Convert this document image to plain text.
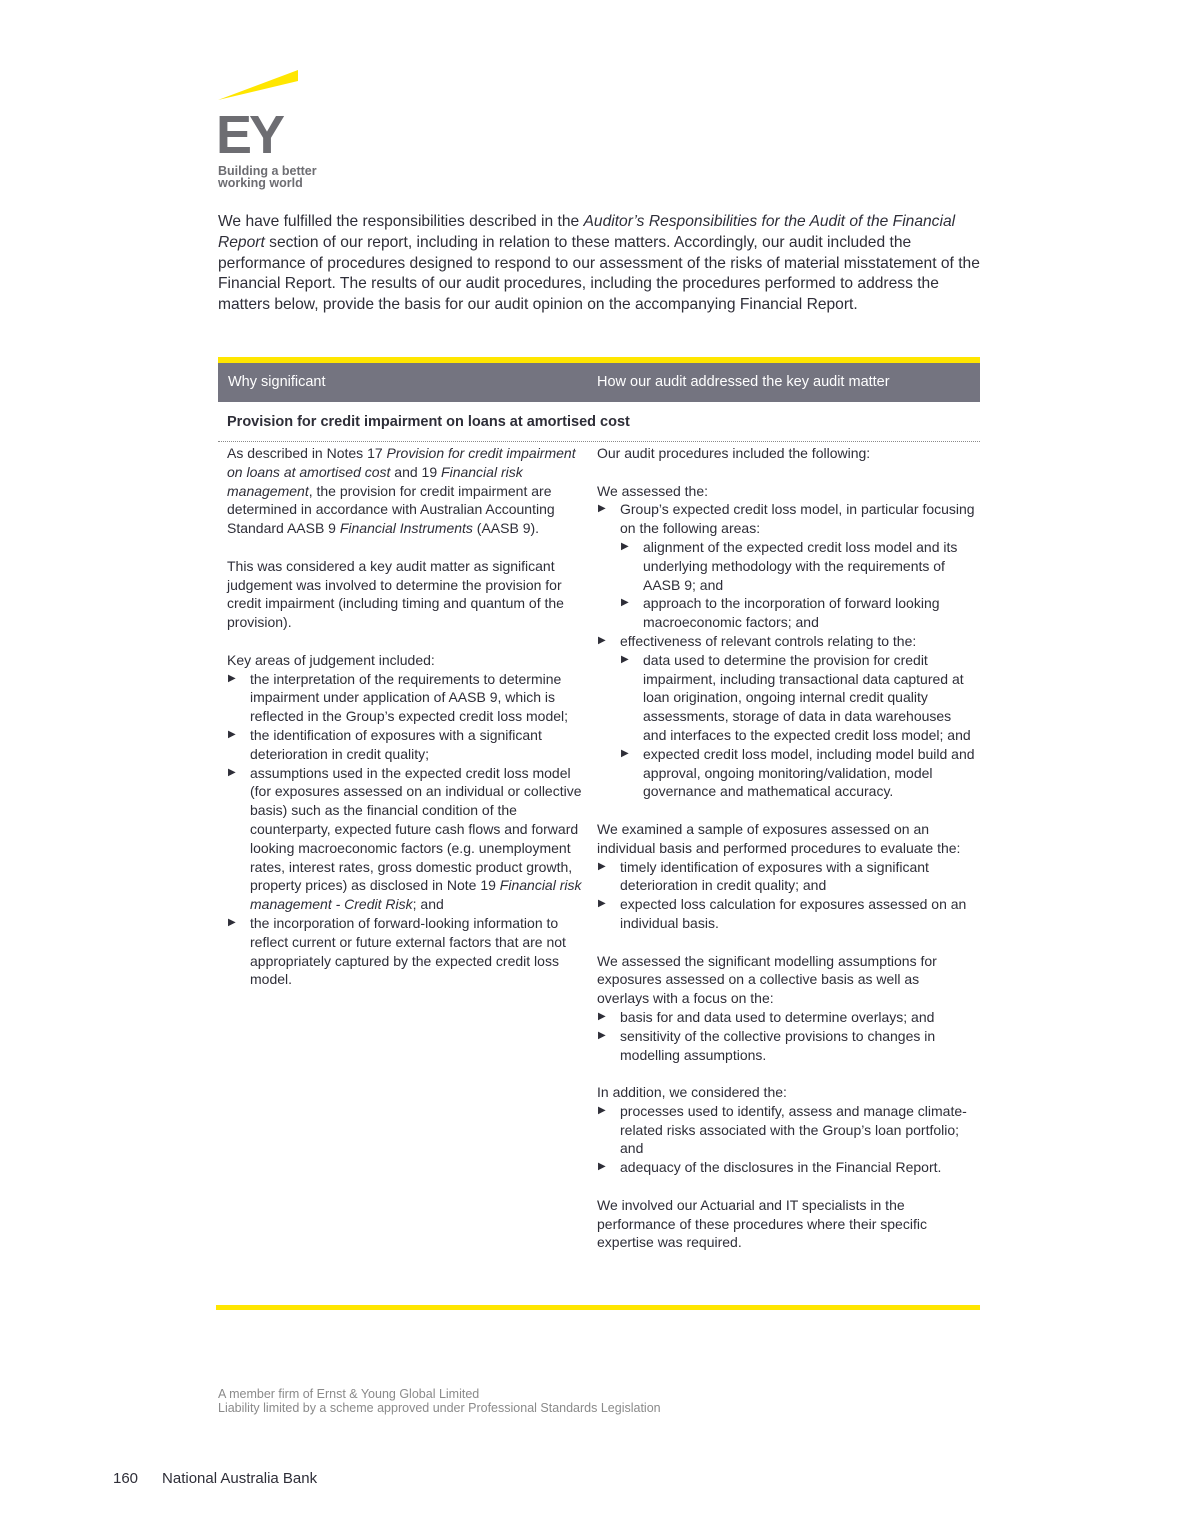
EY
Building a better
working world

We have fulfilled the responsibilities described in the Auditor’s Responsibilities for the Audit of the Financial Report section of our report, including in relation to these matters. Accordingly, our audit included the performance of procedures designed to respond to our assessment of the risks of material misstatement of the Financial Report. The results of our audit procedures, including the procedures performed to address the matters below, provide the basis for our audit opinion on the accompanying Financial Report.

Why significant	How our audit addressed the key audit matter
Provision for credit impairment on loans at amortised cost

As described in Notes 17 Provision for credit impairment on loans at amortised cost and 19 Financial risk management, the provision for credit impairment are determined in accordance with Australian Accounting Standard AASB 9 Financial Instruments (AASB 9).

This was considered a key audit matter as significant judgement was involved to determine the provision for credit impairment (including timing and quantum of the provision).

Key areas of judgement included:
▶ the interpretation of the requirements to determine impairment under application of AASB 9, which is reflected in the Group’s expected credit loss model;
▶ the identification of exposures with a significant deterioration in credit quality;
▶ assumptions used in the expected credit loss model (for exposures assessed on an individual or collective basis) such as the financial condition of the counterparty, expected future cash flows and forward looking macroeconomic factors (e.g. unemployment rates, interest rates, gross domestic product growth, property prices) as disclosed in Note 19 Financial risk management - Credit Risk; and
▶ the incorporation of forward-looking information to reflect current or future external factors that are not appropriately captured by the expected credit loss model.

Our audit procedures included the following:

We assessed the:
▶ Group’s expected credit loss model, in particular focusing on the following areas:
▶ alignment of the expected credit loss model and its underlying methodology with the requirements of AASB 9; and
▶ approach to the incorporation of forward looking macroeconomic factors; and
▶ effectiveness of relevant controls relating to the:
▶ data used to determine the provision for credit impairment, including transactional data captured at loan origination, ongoing internal credit quality assessments, storage of data in data warehouses and interfaces to the expected credit loss model; and
▶ expected credit loss model, including model build and approval, ongoing monitoring/validation, model governance and mathematical accuracy.
We examined a sample of exposures assessed on an individual basis and performed procedures to evaluate the:
▶ timely identification of exposures with a significant deterioration in credit quality; and
▶ expected loss calculation for exposures assessed on an individual basis.
We assessed the significant modelling assumptions for exposures assessed on a collective basis as well as overlays with a focus on the:
▶ basis for and data used to determine overlays; and
▶ sensitivity of the collective provisions to changes in modelling assumptions.
In addition, we considered the:
▶ processes used to identify, assess and manage climate-related risks associated with the Group’s loan portfolio; and
▶ adequacy of the disclosures in the Financial Report.
We involved our Actuarial and IT specialists in the performance of these procedures where their specific expertise was required.
A member firm of Ernst & Young Global Limited
Liability limited by a scheme approved under Professional Standards Legislation
160 National Australia Bank
